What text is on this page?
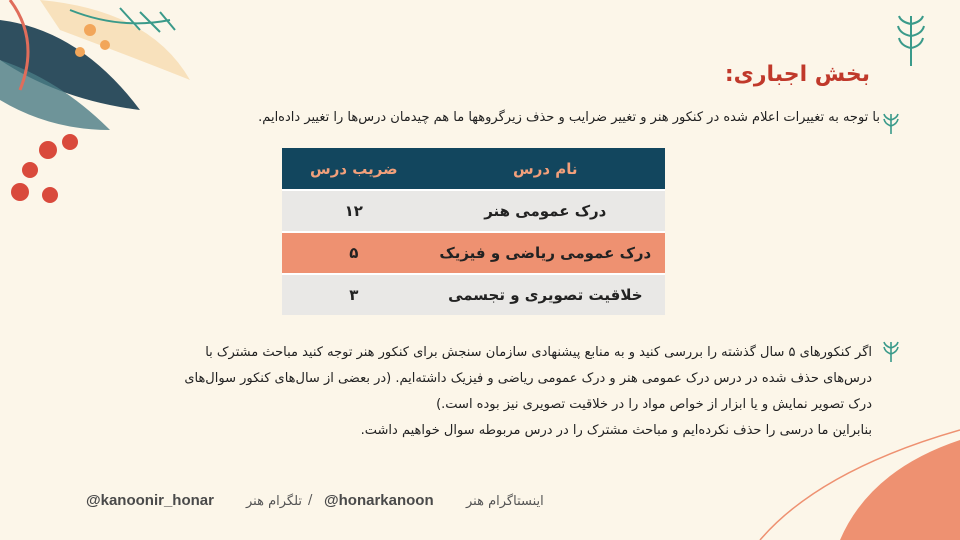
بخش اجباری:
با توجه به تغییرات اعلام شده در کنکور هنر و تغییر ضرایب و حذف زیرگروهها ما هم چیدمان درس‌ها را تغییر داده‌ایم.
نام درس	ضریب درس
درک عمومی هنر	۱۲
درک عمومی ریاضی و فیزیک	۵
خلاقیت تصویری و تجسمی	۳
اگر کنکورهای ۵ سال گذشته را بررسی کنید و به منابع پیشنهادی سازمان سنجش برای کنکور هنر توجه کنید مباحث مشترک با
درس‌های حذف شده در درس درک عمومی هنر و درک عمومی ریاضی و فیزیک داشته‌ایم. (در بعضی از سال‌های کنکور سوال‌های
درک تصویر نمایش و یا ابزار از خواص مواد را در خلاقیت تصویری نیز بوده است.)
بنابراین ما درسی را حذف نکرده‌ایم و مباحث مشترک را در درس مربوطه سوال خواهیم داشت.
اینستاگرام هنر
@honarkanoon
/
تلگرام هنر
@kanoonir_honar
